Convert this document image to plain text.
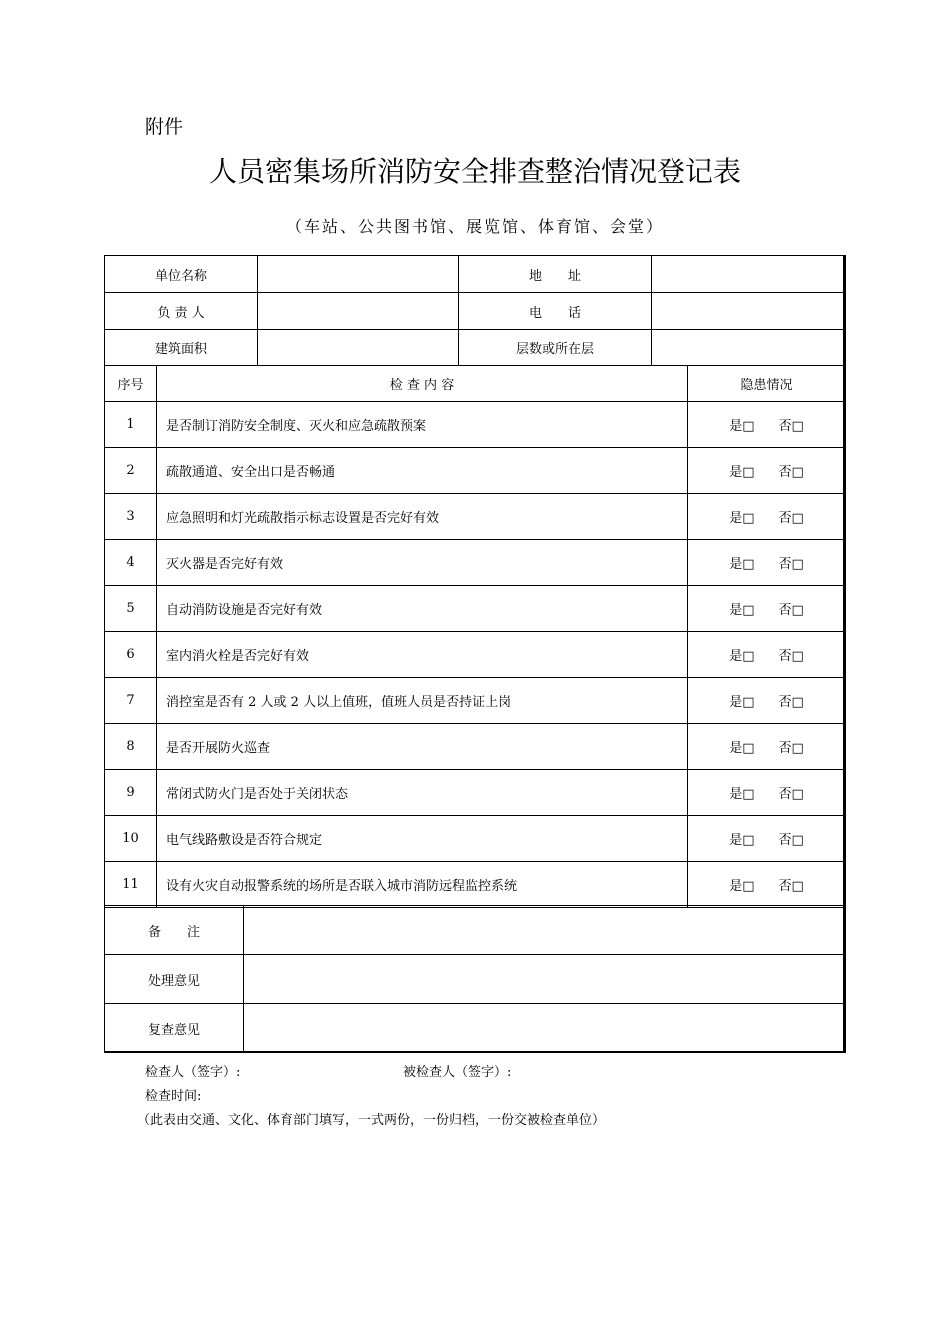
附件
人员密集场所消防安全排查整治情况登记表
（车站、公共图书馆、展览馆、体育馆、会堂）
单位名称		地　　址	
负 责 人		电　　话	
建筑面积		层数或所在层	
序号	检 查 内 容	隐患情况
1	是否制订消防安全制度、灭火和应急疏散预案	是□ 否□
2	疏散通道、安全出口是否畅通	是□ 否□
3	应急照明和灯光疏散指示标志设置是否完好有效	是□ 否□
4	灭火器是否完好有效	是□ 否□
5	自动消防设施是否完好有效	是□ 否□
6	室内消火栓是否完好有效	是□ 否□
7	消控室是否有 2 人或 2 人以上值班，值班人员是否持证上岗	是□ 否□
8	是否开展防火巡查	是□ 否□
9	常闭式防火门是否处于关闭状态	是□ 否□
10	电气线路敷设是否符合规定	是□ 否□
11	设有火灾自动报警系统的场所是否联入城市消防远程监控系统	是□ 否□
备　　注	
处理意见	
复查意见	
检查人（签字）:	被检查人（签字）:
检查时间:
（此表由交通、文化、体育部门填写，一式两份，一份归档，一份交被检查单位）
